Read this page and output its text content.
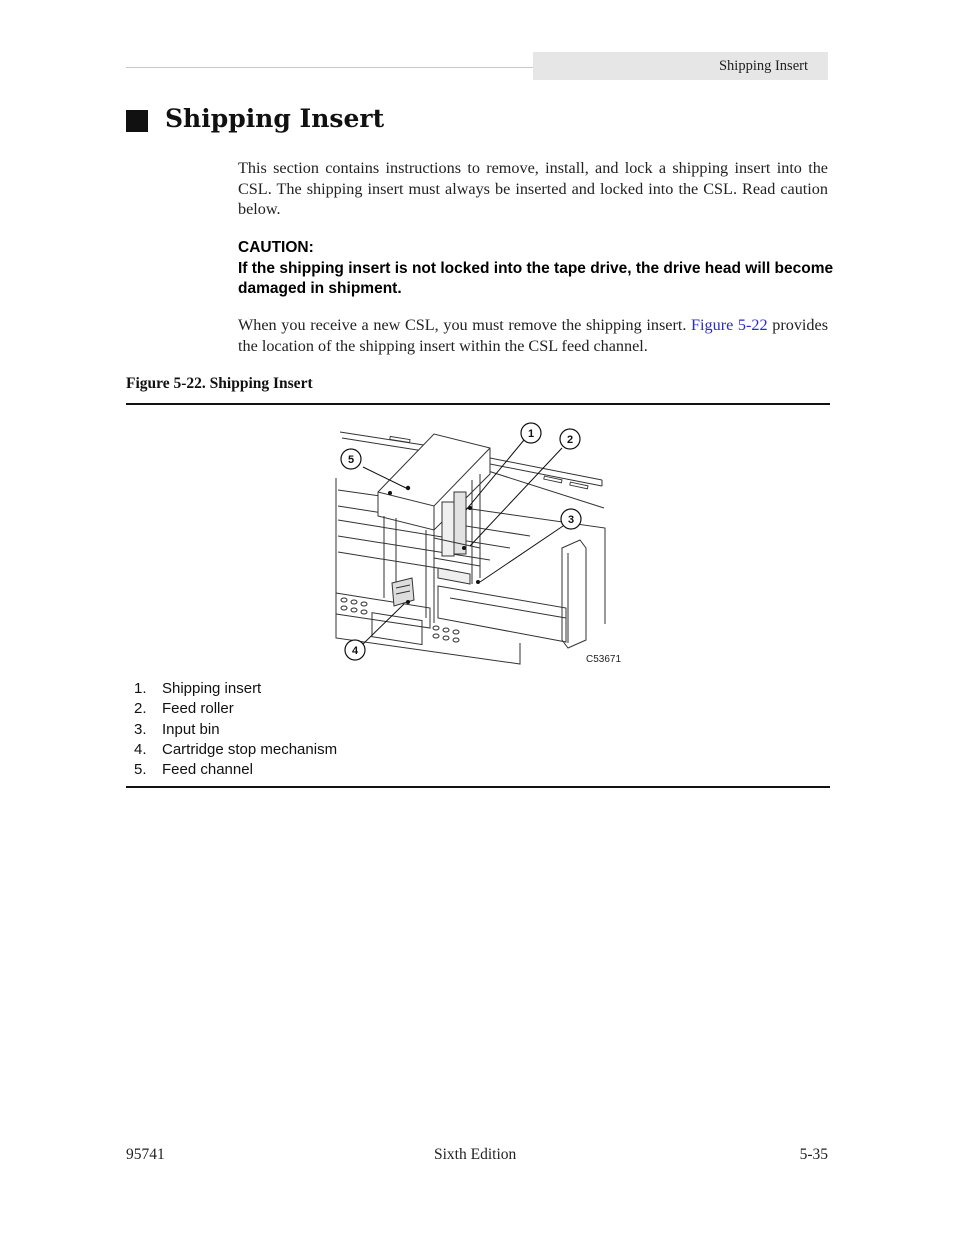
Shipping Insert
Shipping Insert

This section contains instructions to remove, install, and lock a shipping insert into the CSL. The shipping insert must always be inserted and locked into the CSL. Read caution below.

CAUTION:
If the shipping insert is not locked into the tape drive, the drive head will become damaged in shipment.

When you receive a new CSL, you must remove the shipping insert. Figure 5-22 provides the location of the shipping insert within the CSL feed channel.

Figure 5-22. Shipping Insert
1	2
3
4
5
C53671
1.	Shipping insert
2.	Feed roller
3.	Input bin
4.	Cartridge stop mechanism
5.	Feed channel
95741	Sixth Edition	5-35
